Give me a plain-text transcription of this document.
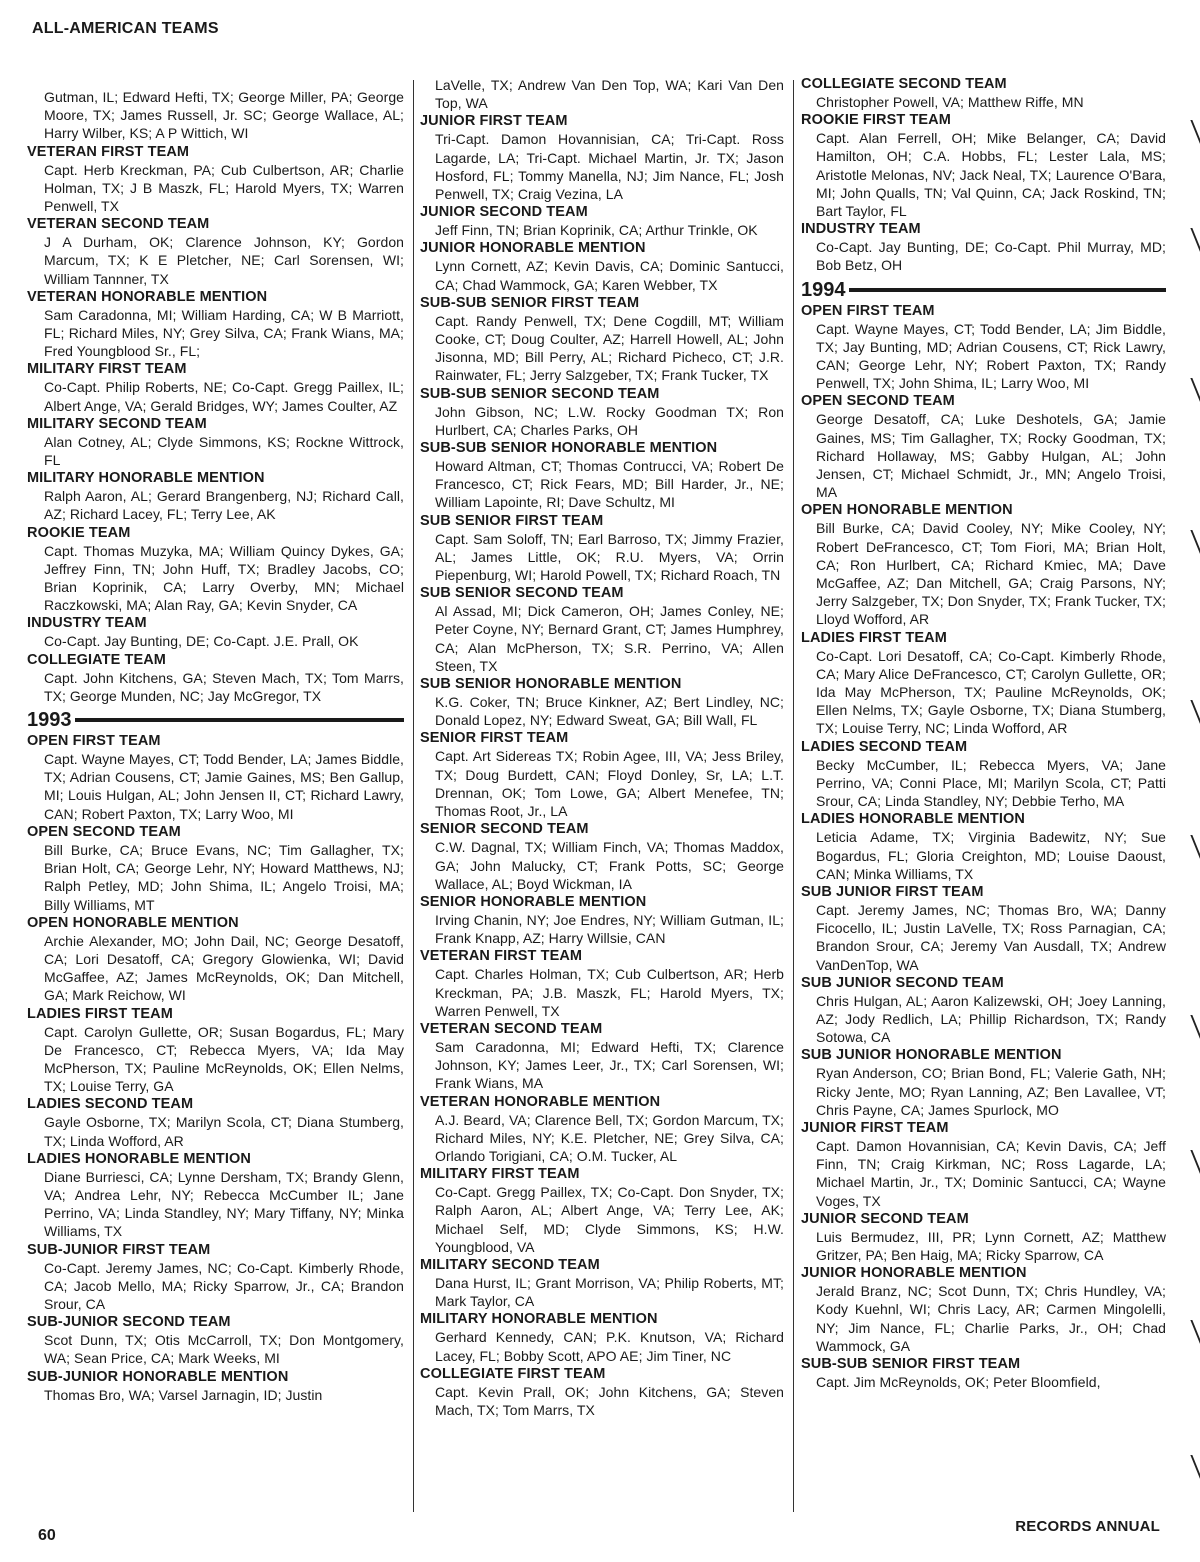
ALL-AMERICAN TEAMS
Gutman, IL; Edward Hefti, TX; George Miller, PA; George Moore, TX; James Russell, Jr. SC; George Wallace, AL; Harry Wilber, KS; A P Wittich, WI
VETERAN FIRST TEAM
Capt. Herb Kreckman, PA; Cub Culbertson, AR; Charlie Holman, TX; J B Maszk, FL; Harold Myers, TX; Warren Penwell, TX
VETERAN SECOND TEAM
J A Durham, OK; Clarence Johnson, KY; Gordon Marcum, TX; K E Pletcher, NE; Carl Sorensen, WI; William Tannner, TX
VETERAN HONORABLE MENTION
Sam Caradonna, MI; William Harding, CA; W B Marriott, FL; Richard Miles, NY; Grey Silva, CA; Frank Wians, MA; Fred Youngblood Sr., FL;
MILITARY FIRST TEAM
Co-Capt. Philip Roberts, NE; Co-Capt. Gregg Paillex, IL; Albert Ange, VA; Gerald Bridges, WY; James Coulter, AZ
MILITARY SECOND TEAM
Alan Cotney, AL; Clyde Simmons, KS; Rockne Wittrock, FL
MILITARY HONORABLE MENTION
Ralph Aaron, AL; Gerard Brangenberg, NJ; Richard Call, AZ; Richard Lacey, FL; Terry Lee, AK
ROOKIE TEAM
Capt. Thomas Muzyka, MA; William Quincy Dykes, GA; Jeffrey Finn, TN; John Huff, TX; Bradley Jacobs, CO; Brian Koprinik, CA; Larry Overby, MN; Michael Raczkowski, MA; Alan Ray, GA; Kevin Snyder, CA
INDUSTRY TEAM
Co-Capt. Jay Bunting, DE; Co-Capt. J.E. Prall, OK
COLLEGIATE TEAM
Capt. John Kitchens, GA; Steven Mach, TX; Tom Marrs, TX; George Munden, NC; Jay McGregor, TX
1993
OPEN FIRST TEAM
Capt. Wayne Mayes, CT; Todd Bender, LA; James Biddle, TX; Adrian Cousens, CT; Jamie Gaines, MS; Ben Gallup, MI; Louis Hulgan, AL; John Jensen II, CT; Richard Lawry, CAN; Robert Paxton, TX; Larry Woo, MI
OPEN SECOND TEAM
Bill Burke, CA; Bruce Evans, NC; Tim Gallagher, TX; Brian Holt, CA; George Lehr, NY; Howard Matthews, NJ; Ralph Petley, MD; John Shima, IL; Angelo Troisi, MA; Billy Williams, MT
OPEN HONORABLE MENTION
Archie Alexander, MO; John Dail, NC; George Desatoff, CA; Lori Desatoff, CA; Gregory Glowienka, WI; David McGaffee, AZ; James McReynolds, OK; Dan Mitchell, GA; Mark Reichow, WI
LADIES FIRST TEAM
Capt. Carolyn Gullette, OR; Susan Bogardus, FL; Mary De Francesco, CT; Rebecca Myers, VA; Ida May McPherson, TX; Pauline McReynolds, OK; Ellen Nelms, TX; Louise Terry, GA
LADIES SECOND TEAM
Gayle Osborne, TX; Marilyn Scola, CT; Diana Stumberg, TX; Linda Wofford, AR
LADIES HONORABLE MENTION
Diane Burriesci, CA; Lynne Dersham, TX; Brandy Glenn, VA; Andrea Lehr, NY; Rebecca McCumber IL; Jane Perrino, VA; Linda Standley, NY; Mary Tiffany, NY; Minka Williams, TX
SUB-JUNIOR FIRST TEAM
Co-Capt. Jeremy James, NC; Co-Capt. Kimberly Rhode, CA; Jacob Mello, MA; Ricky Sparrow, Jr., CA; Brandon Srour, CA
SUB-JUNIOR SECOND TEAM
Scot Dunn, TX; Otis McCarroll, TX; Don Montgomery, WA; Sean Price, CA; Mark Weeks, MI
SUB-JUNIOR HONORABLE MENTION
Thomas Bro, WA; Varsel Jarnagin, ID; Justin
LaVelle, TX; Andrew Van Den Top, WA; Kari Van Den Top, WA
JUNIOR FIRST TEAM
Tri-Capt. Damon Hovannisian, CA; Tri-Capt. Ross Lagarde, LA; Tri-Capt. Michael Martin, Jr. TX; Jason Hosford, FL; Tommy Manella, NJ; Jim Nance, FL; Josh Penwell, TX; Craig Vezina, LA
JUNIOR SECOND TEAM
Jeff Finn, TN; Brian Koprinik, CA; Arthur Trinkle, OK
JUNIOR HONORABLE MENTION
Lynn Cornett, AZ; Kevin Davis, CA; Dominic Santucci, CA; Chad Wammock, GA; Karen Webber, TX
SUB-SUB SENIOR FIRST TEAM
Capt. Randy Penwell, TX; Dene Cogdill, MT; William Cooke, CT; Doug Coulter, AZ; Harrell Howell, AL; John Jisonna, MD; Bill Perry, AL; Richard Picheco, CT; J.R. Rainwater, FL; Jerry Salzgeber, TX; Frank Tucker, TX
SUB-SUB SENIOR SECOND TEAM
John Gibson, NC; L.W. Rocky Goodman TX; Ron Hurlbert, CA; Charles Parks, OH
SUB-SUB SENIOR HONORABLE MENTION
Howard Altman, CT; Thomas Contrucci, VA; Robert De Francesco, CT; Rick Fears, MD; Bill Harder, Jr., NE; William Lapointe, RI; Dave Schultz, MI
SUB SENIOR FIRST TEAM
Capt. Sam Soloff, TN; Earl Barroso, TX; Jimmy Frazier, AL; James Little, OK; R.U. Myers, VA; Orrin Piepenburg, WI; Harold Powell, TX; Richard Roach, TN
SUB SENIOR SECOND TEAM
Al Assad, MI; Dick Cameron, OH; James Conley, NE; Peter Coyne, NY; Bernard Grant, CT; James Humphrey, CA; Alan McPherson, TX; S.R. Perrino, VA; Allen Steen, TX
SUB SENIOR HONORABLE MENTION
K.G. Coker, TN; Bruce Kinkner, AZ; Bert Lindley, NC; Donald Lopez, NY; Edward Sweat, GA; Bill Wall, FL
SENIOR FIRST TEAM
Capt. Art Sidereas TX; Robin Agee, III, VA; Jess Briley, TX; Doug Burdett, CAN; Floyd Donley, Sr, LA; L.T. Drennan, OK; Tom Lowe, GA; Albert Menefee, TN; Thomas Root, Jr., LA
SENIOR SECOND TEAM
C.W. Dagnal, TX; William Finch, VA; Thomas Maddox, GA; John Malucky, CT; Frank Potts, SC; George Wallace, AL; Boyd Wickman, IA
SENIOR HONORABLE MENTION
Irving Chanin, NY; Joe Endres, NY; William Gutman, IL; Frank Knapp, AZ; Harry Willsie, CAN
VETERAN FIRST TEAM
Capt. Charles Holman, TX; Cub Culbertson, AR; Herb Kreckman, PA; J.B. Maszk, FL; Harold Myers, TX; Warren Penwell, TX
VETERAN SECOND TEAM
Sam Caradonna, MI; Edward Hefti, TX; Clarence Johnson, KY; James Leer, Jr., TX; Carl Sorensen, WI; Frank Wians, MA
VETERAN HONORABLE MENTION
A.J. Beard, VA; Clarence Bell, TX; Gordon Marcum, TX; Richard Miles, NY; K.E. Pletcher, NE; Grey Silva, CA; Orlando Torigiani, CA; O.M. Tucker, AL
MILITARY FIRST TEAM
Co-Capt. Gregg Paillex, TX; Co-Capt. Don Snyder, TX; Ralph Aaron, AL; Albert Ange, VA; Terry Lee, AK; Michael Self, MD; Clyde Simmons, KS; H.W. Youngblood, VA
MILITARY SECOND TEAM
Dana Hurst, IL; Grant Morrison, VA; Philip Roberts, MT; Mark Taylor, CA
MILITARY HONORABLE MENTION
Gerhard Kennedy, CAN; P.K. Knutson, VA; Richard Lacey, FL; Bobby Scott, APO AE; Jim Tiner, NC
COLLEGIATE FIRST TEAM
Capt. Kevin Prall, OK; John Kitchens, GA; Steven Mach, TX; Tom Marrs, TX
COLLEGIATE SECOND TEAM
Christopher Powell, VA; Matthew Riffe, MN
ROOKIE FIRST TEAM
Capt. Alan Ferrell, OH; Mike Belanger, CA; David Hamilton, OH; C.A. Hobbs, FL; Lester Lala, MS; Aristotle Melonas, NV; Jack Neal, TX; Laurence O'Bara, MI; John Qualls, TN; Val Quinn, CA; Jack Roskind, TN; Bart Taylor, FL
INDUSTRY TEAM
Co-Capt. Jay Bunting, DE; Co-Capt. Phil Murray, MD; Bob Betz, OH
1994
OPEN FIRST TEAM
Capt. Wayne Mayes, CT; Todd Bender, LA; Jim Biddle, TX; Jay Bunting, MD; Adrian Cousens, CT; Rick Lawry, CAN; George Lehr, NY; Robert Paxton, TX; Randy Penwell, TX; John Shima, IL; Larry Woo, MI
OPEN SECOND TEAM
George Desatoff, CA; Luke Deshotels, GA; Jamie Gaines, MS; Tim Gallagher, TX; Rocky Goodman, TX; Richard Hollaway, MS; Gabby Hulgan, AL; John Jensen, CT; Michael Schmidt, Jr., MN; Angelo Troisi, MA
OPEN HONORABLE MENTION
Bill Burke, CA; David Cooley, NY; Mike Cooley, NY; Robert DeFrancesco, CT; Tom Fiori, MA; Brian Holt, CA; Ron Hurlbert, CA; Richard Kmiec, MA; Dave McGaffee, AZ; Dan Mitchell, GA; Craig Parsons, NY; Jerry Salzgeber, TX; Don Snyder, TX; Frank Tucker, TX; Lloyd Wofford, AR
LADIES FIRST TEAM
Co-Capt. Lori Desatoff, CA; Co-Capt. Kimberly Rhode, CA; Mary Alice DeFrancesco, CT; Carolyn Gullette, OR; Ida May McPherson, TX; Pauline McReynolds, OK; Ellen Nelms, TX; Gayle Osborne, TX; Diana Stumberg, TX; Louise Terry, NC; Linda Wofford, AR
LADIES SECOND TEAM
Becky McCumber, IL; Rebecca Myers, VA; Jane Perrino, VA; Conni Place, MI; Marilyn Scola, CT; Patti Srour, CA; Linda Standley, NY; Debbie Terho, MA
LADIES HONORABLE MENTION
Leticia Adame, TX; Virginia Badewitz, NY; Sue Bogardus, FL; Gloria Creighton, MD; Louise Daoust, CAN; Minka Williams, TX
SUB JUNIOR FIRST TEAM
Capt. Jeremy James, NC; Thomas Bro, WA; Danny Ficocello, IL; Justin LaVelle, TX; Ross Parnagian, CA; Brandon Srour, CA; Jeremy Van Ausdall, TX; Andrew VanDenTop, WA
SUB JUNIOR SECOND TEAM
Chris Hulgan, AL; Aaron Kalizewski, OH; Joey Lanning, AZ; Jody Redlich, LA; Phillip Richardson, TX; Randy Sotowa, CA
SUB JUNIOR HONORABLE MENTION
Ryan Anderson, CO; Brian Bond, FL; Valerie Gath, NH; Ricky Jente, MO; Ryan Lanning, AZ; Ben Lavallee, VT; Chris Payne, CA; James Spurlock, MO
JUNIOR FIRST TEAM
Capt. Damon Hovannisian, CA; Kevin Davis, CA; Jeff Finn, TN; Craig Kirkman, NC; Ross Lagarde, LA; Michael Martin, Jr., TX; Dominic Santucci, CA; Wayne Voges, TX
JUNIOR SECOND TEAM
Luis Bermudez, III, PR; Lynn Cornett, AZ; Matthew Gritzer, PA; Ben Haig, MA; Ricky Sparrow, CA
JUNIOR HONORABLE MENTION
Jerald Branz, NC; Scot Dunn, TX; Chris Hundley, VA; Kody Kuehnl, WI; Chris Lacy, AR; Carmen Mingolelli, NY; Jim Nance, FL; Charlie Parks, Jr., OH; Chad Wammock, GA
SUB-SUB SENIOR FIRST TEAM
Capt. Jim McReynolds, OK; Peter Bloomfield,
60
RECORDS ANNUAL
